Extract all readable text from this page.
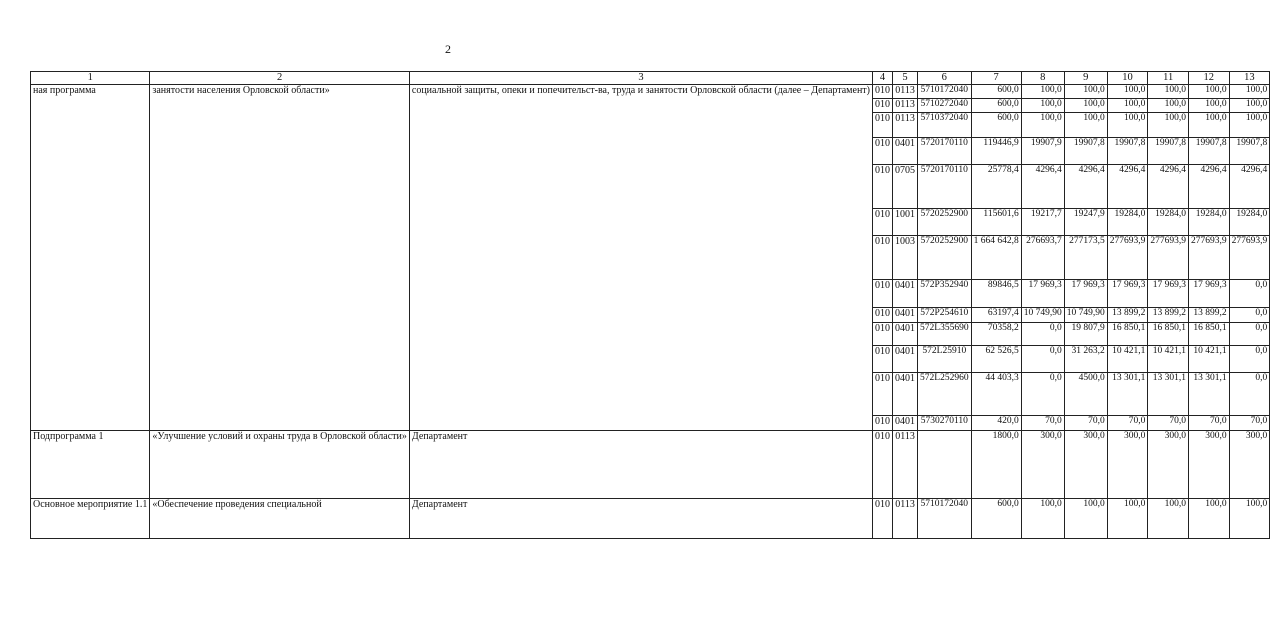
2
1	2	3	4	5	6	7	8	9	10	11	12	13
ная программа	занятости населения Орловской области»	социальной защиты, опеки и попечительст-ва, труда и занятости Орловской области (далее – Департамент)	010	0113	5710172040	600,0	100,0	100,0	100,0	100,0	100,0	100,0
			010	0113	5710272040	600,0	100,0	100,0	100,0	100,0	100,0	100,0
			010	0113	5710372040	600,0	100,0	100,0	100,0	100,0	100,0	100,0
			010	0401	5720170110	119446,9	19907,9	19907,8	19907,8	19907,8	19907,8	19907,8
			010	0705	5720170110	25778,4	4296,4	4296,4	4296,4	4296,4	4296,4	4296,4
			010	1001	5720252900	115601,6	19217,7	19247,9	19284,0	19284,0	19284,0	19284,0
			010	1003	5720252900	1 664 642,8	276693,7	277173,5	277693,9	277693,9	277693,9	277693,9
			010	0401	572P352940	89846,5	17 969,3	17 969,3	17 969,3	17 969,3	17 969,3	0,0
			010	0401	572P254610	63197,4	10 749,90	10 749,90	13 899,2	13 899,2	13 899,2	0,0
			010	0401	572L355690	70358,2	0,0	19 807,9	16 850,1	16 850,1	16 850,1	0,0
			010	0401	572L25910	62 526,5	0,0	31 263,2	10 421,1	10 421,1	10 421,1	0,0
			010	0401	572L252960	44 403,3	0,0	4500,0	13 301,1	13 301,1	13 301,1	0,0
			010	0401	5730270110	420,0	70,0	70,0	70,0	70,0	70,0	70,0
Подпрограмма 1	«Улучшение условий и охраны труда в Орловской области»	Департамент	010	0113		1800,0	300,0	300,0	300,0	300,0	300,0	300,0
Основное мероприятие 1.1	«Обеспечение проведения специальной	Департамент	010	0113	5710172040	600,0	100,0	100,0	100,0	100,0	100,0	100,0
